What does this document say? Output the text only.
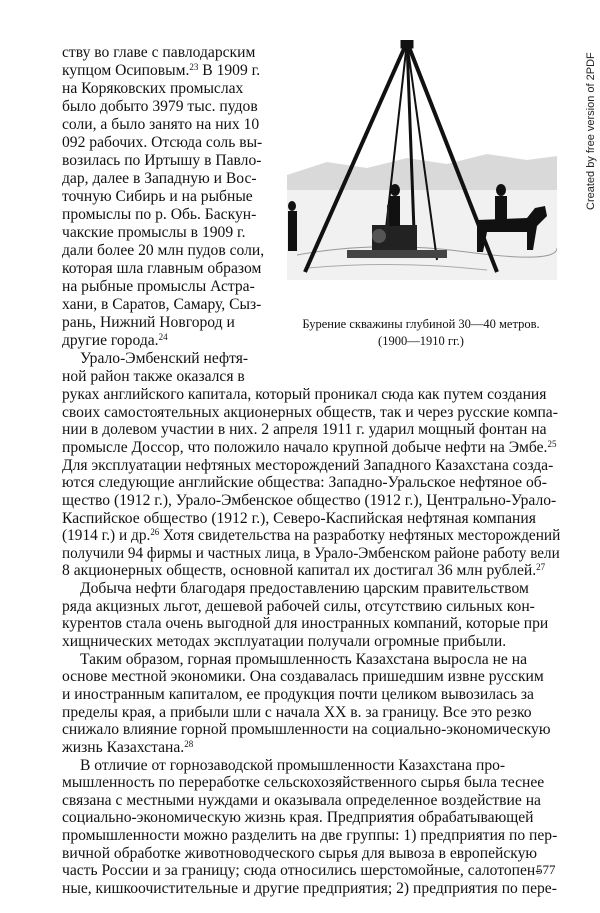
ству во главе с павлодарским
купцом Осиповым.$^{23}$ В 1909 г.
на Коряковских промыслах
было добыто 3979 тыс. пудов
соли, а было занято на них 10
092 рабочих. Отсюда соль вы-
возилась по Иртышу в Павло-
дар, далее в Западную и Вос-
точную Сибирь и на рыбные
промыслы по р. Обь. Баскун-
чакские промыслы в 1909 г.
дали более 20 млн пудов соли,
которая шла главным образом
на рыбные промыслы Астра-
хани, в Саратов, Самару, Сыз-
рань, Нижний Новгород и
другие города.$^{24}$
Урало-Эмбенский нефтя-
ной район также оказался в
Бурение скважины глубиной 30—40 метров.
(1900—1910 гг.)
руках английского капитала, который проникал сюда как путем создания
своих самостоятельных акционерных обществ, так и через русские компа-
нии в долевом участии в них. 2 апреля 1911 г. ударил мощный фонтан на
промысле Доссор, что положило начало крупной добыче нефти на Эмбе.$^{25}$
Для эксплуатации нефтяных месторождений Западного Казахстана созда-
ются следующие английские общества: Западно-Уральское нефтяное об-
щество (1912 г.), Урало-Эмбенское общество (1912 г.), Центрально-Урало-
Каспийское общество (1912 г.), Северо-Каспийская нефтяная компания
(1914 г.) и др.$^{26}$ Хотя свидетельства на разработку нефтяных месторождений
получили 94 фирмы и частных лица, в Урало-Эмбенском районе работу вели
8 акционерных обществ, основной капитал их достигал 36 млн рублей.$^{27}$
Добыча нефти благодаря предоставлению царским правительством
ряда акцизных льгот, дешевой рабочей силы, отсутствию сильных кон-
курентов стала очень выгодной для иностранных компаний, которые при
хищнических методах эксплуатации получали огромные прибыли.
Таким образом, горная промышленность Казахстана выросла не на
основе местной экономики. Она создавалась пришедшим извне русским
и иностранным капиталом, ее продукция почти целиком вывозилась за
пределы края, а прибыли шли с начала XX в. за границу. Все это резко
снижало влияние горной промышленности на социально-экономическую
жизнь Казахстана.$^{28}$
В отличие от горнозаводской промышленности Казахстана про-
мышленность по переработке сельскохозяйственного сырья была теснее
связана с местными нуждами и оказывала определенное воздействие на
социально-экономическую жизнь края. Предприятия обрабатывающей
промышленности можно разделить на две группы: 1) предприятия по пер-
вичной обработке животноводческого сырья для вывоза в европейскую
часть России и за границу; сюда относились шерстомойные, салотопен-
ные, кишкоочистительные и другие предприятия; 2) предприятия по пере-
577
Created by free version of 2PDF
